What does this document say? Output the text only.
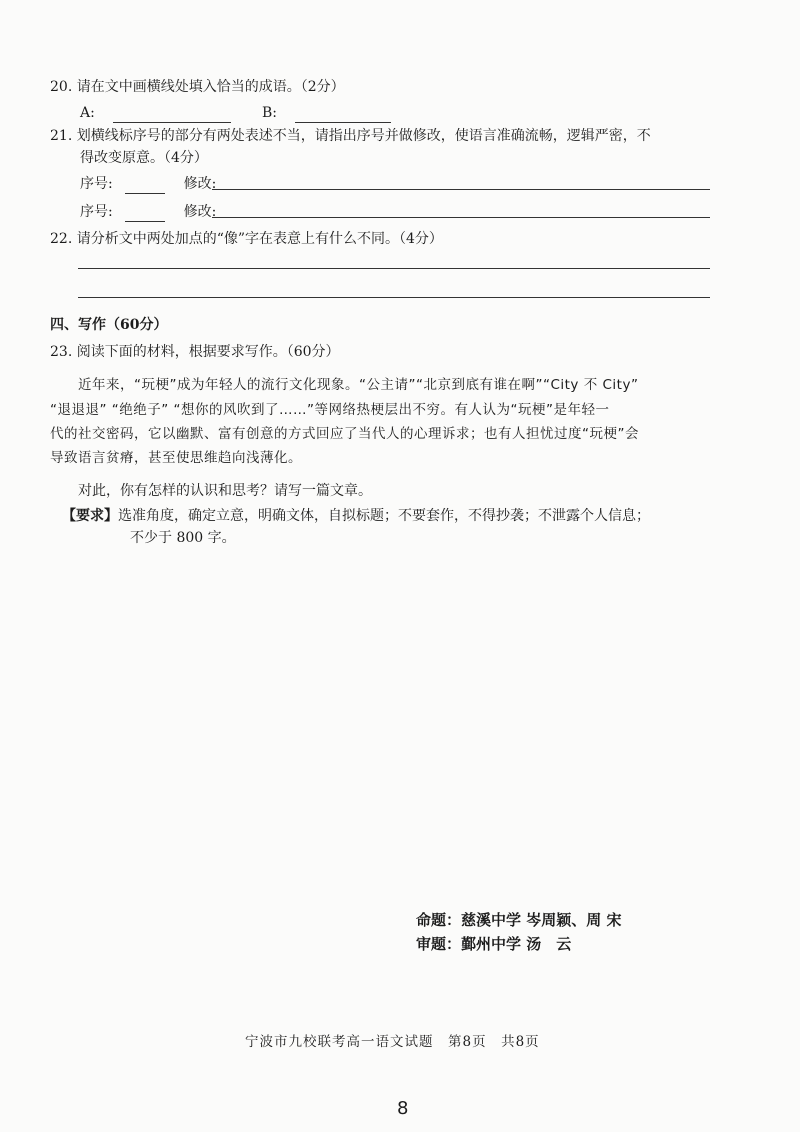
20. 请在文中画横线处填入恰当的成语。（2分）
A:	B:
21. 划横线标序号的部分有两处表述不当，请指出序号并做修改，使语言准确流畅，逻辑严密，不
得改变原意。（4分）
序号:	修改:
序号:	修改:
22. 请分析文中两处加点的“像”字在表意上有什么不同。（4分）
四、写作（60分）
23. 阅读下面的材料，根据要求写作。（60分）
近年来，“玩梗”成为年轻人的流行文化现象。“公主请”“北京到底有谁在啊”“City 不 City”
“退退退” “绝绝子” “想你的风吹到了……”等网络热梗层出不穷。有人认为“玩梗”是年轻一
代的社交密码，它以幽默、富有创意的方式回应了当代人的心理诉求；也有人担忧过度“玩梗”会
导致语言贫瘠，甚至使思维趋向浅薄化。
对此，你有怎样的认识和思考？请写一篇文章。
【要求】选准角度，确定立意，明确文体，自拟标题；不要套作，不得抄袭；不泄露个人信息；
不少于 800 字。
命题：慈溪中学 岑周颖、周 宋
审题：鄞州中学 汤　云
宁波市九校联考高一语文试题　第8页　共8页
8
